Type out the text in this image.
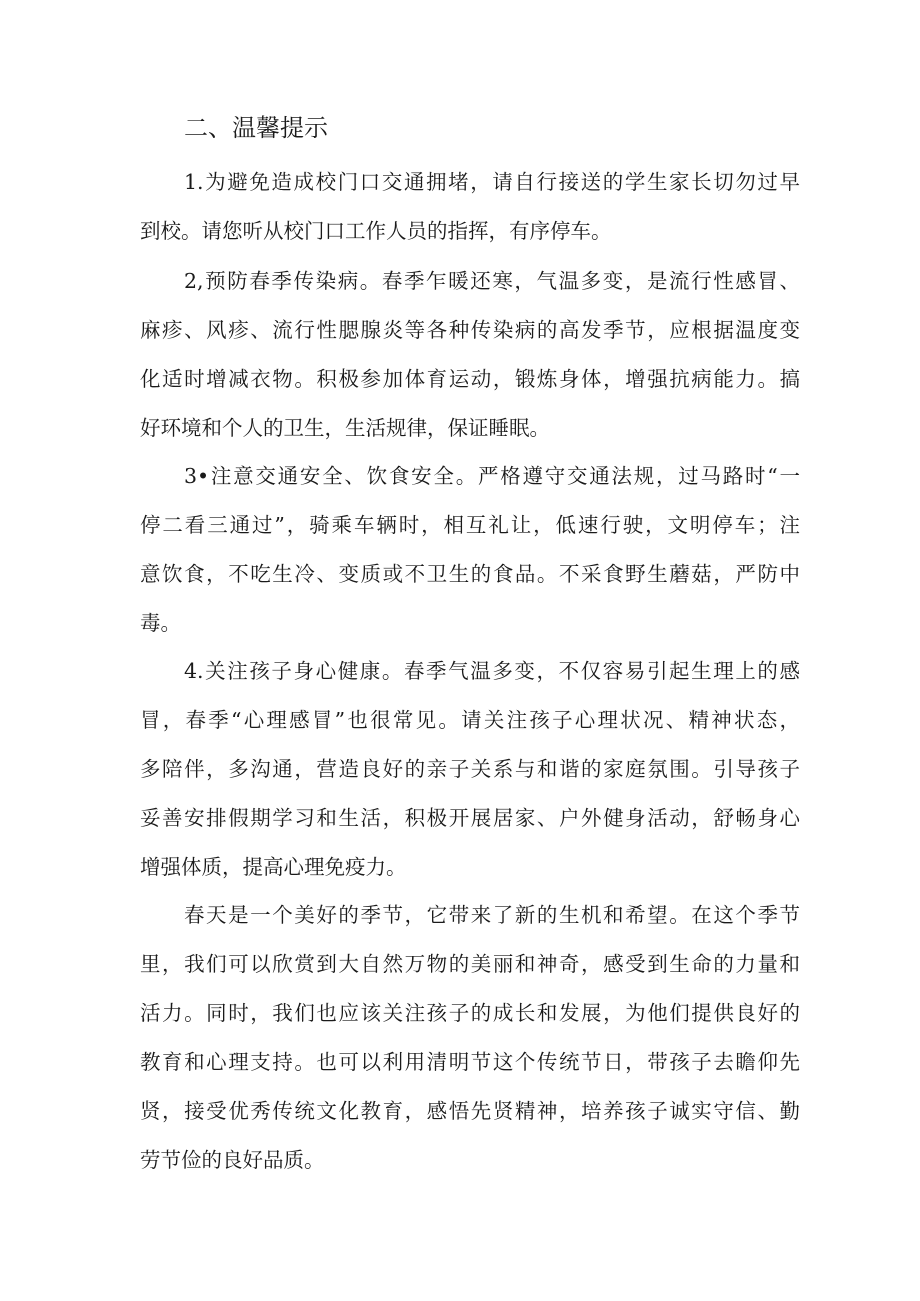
二、温馨提示
1.为避免造成校门口交通拥堵，请自行接送的学生家长切勿过早
到校。请您听从校门口工作人员的指挥，有序停车。
2,预防春季传染病。春季乍暖还寒，气温多变，是流行性感冒、
麻疹、风疹、流行性腮腺炎等各种传染病的高发季节，应根据温度变
化适时增减衣物。积极参加体育运动，锻炼身体，增强抗病能力。搞
好环境和个人的卫生，生活规律，保证睡眠。
3•注意交通安全、饮食安全。严格遵守交通法规，过马路时“一
停二看三通过”，骑乘车辆时，相互礼让，低速行驶，文明停车；注
意饮食，不吃生冷、变质或不卫生的食品。不采食野生蘑菇，严防中
毒。
4.关注孩子身心健康。春季气温多变，不仅容易引起生理上的感
冒，春季“心理感冒”也很常见。请关注孩子心理状况、精神状态，
多陪伴，多沟通，营造良好的亲子关系与和谐的家庭氛围。引导孩子
妥善安排假期学习和生活，积极开展居家、户外健身活动，舒畅身心
增强体质，提高心理免疫力。
春天是一个美好的季节，它带来了新的生机和希望。在这个季节
里，我们可以欣赏到大自然万物的美丽和神奇，感受到生命的力量和
活力。同时，我们也应该关注孩子的成长和发展，为他们提供良好的
教育和心理支持。也可以利用清明节这个传统节日，带孩子去瞻仰先
贤，接受优秀传统文化教育，感悟先贤精神，培养孩子诚实守信、勤
劳节俭的良好品质。
